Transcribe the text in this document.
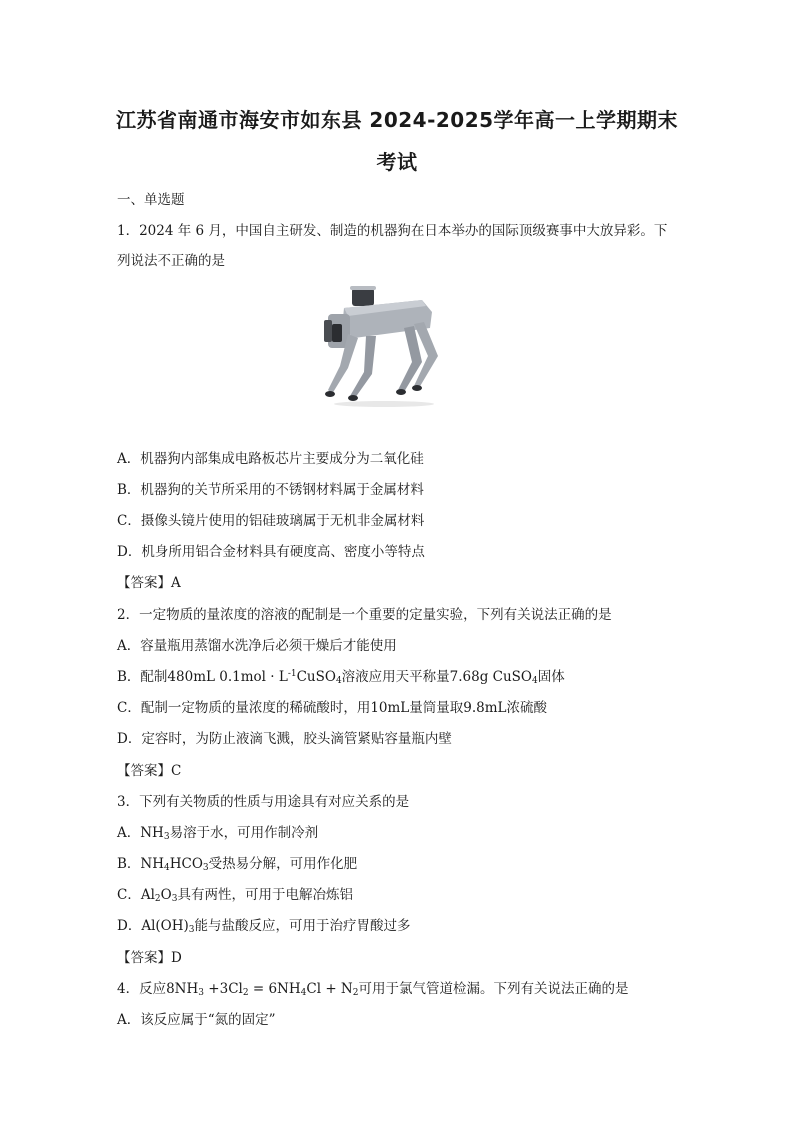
江苏省南通市海安市如东县 2024-2025学年高一上学期期末
考试
一、单选题
1．2024 年 6 月，中国自主研发、制造的机器狗在日本举办的国际顶级赛事中大放异彩。下
列说法不正确的是
A．机器狗内部集成电路板芯片主要成分为二氧化硅
B．机器狗的关节所采用的不锈钢材料属于金属材料
C．摄像头镜片使用的铝硅玻璃属于无机非金属材料
D．机身所用铝合金材料具有硬度高、密度小等特点
【答案】A
2．一定物质的量浓度的溶液的配制是一个重要的定量实验，下列有关说法正确的是
A．容量瓶用蒸馏水洗净后必须干燥后才能使用
B．配制480mL $0.1mol \cdot L^{-1}CuSO_4$溶液应用天平称量7.68g CuSO$_4$固体
C．配制一定物质的量浓度的稀硫酸时，用10mL量筒量取9.8mL浓硫酸
D．定容时，为防止液滴飞溅，胶头滴管紧贴容量瓶内壁
【答案】C
3．下列有关物质的性质与用途具有对应关系的是
A．$NH_3$易溶于水，可用作制冷剂
B．$NH_4HCO_3$受热易分解，可用作化肥
C．$Al_2O_3$具有两性，可用于电解冶炼铝
D．$Al(OH)_3$能与盐酸反应，可用于治疗胃酸过多
【答案】D
4．反应$8NH_3 +3Cl_2 = 6NH_4Cl + N_2$可用于氯气管道检漏。下列有关说法正确的是
A．该反应属于“氮的固定”
